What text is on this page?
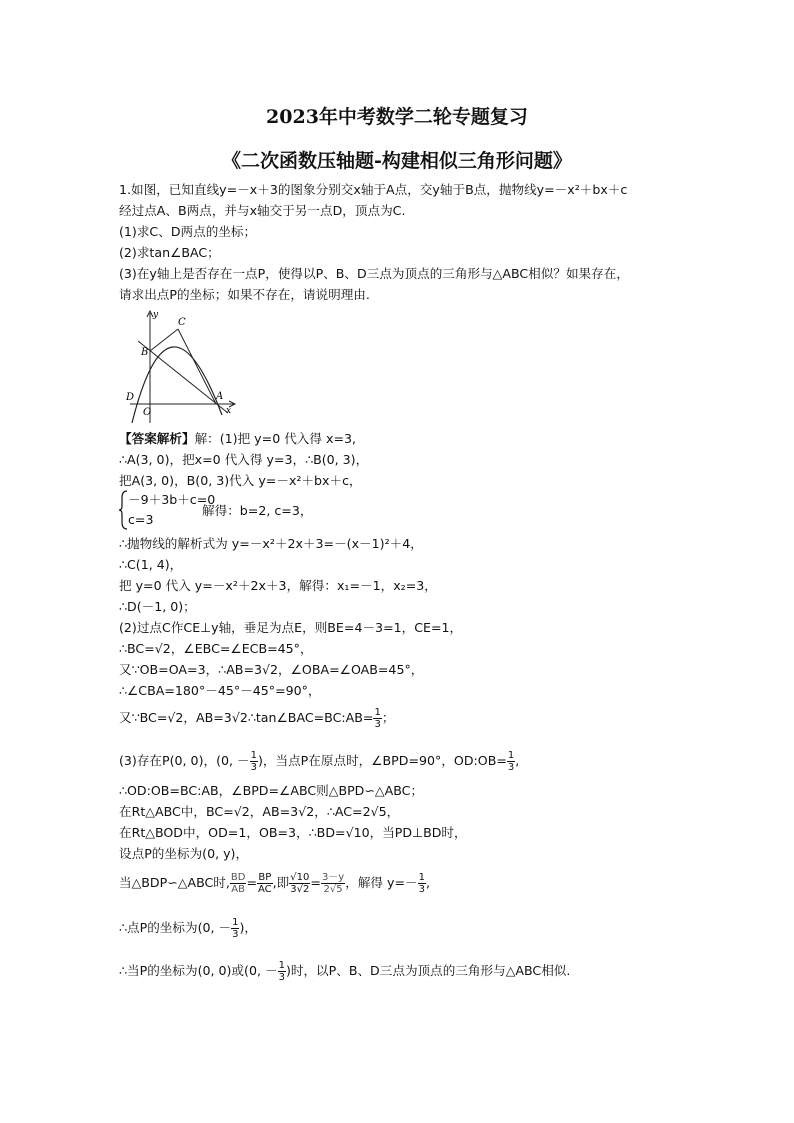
2023年中考数学二轮专题复习
《二次函数压轴题-构建相似三角形问题》
1.如图，已知直线y=－x＋3的图象分别交x轴于A点，交y轴于B点，抛物线y=－x²＋bx＋c
经过点A、B两点，并与x轴交于另一点D，顶点为C.
(1)求C、D两点的坐标；
(2)求tan∠BAC；
(3)在y轴上是否存在一点P，使得以P、B、D三点为顶点的三角形与△ABC相似？如果存在，
请求出点P的坐标；如果不存在，请说明理由.
y
C
B
D
O
A
x
【答案解析】解：(1)把 y=0 代入得 x=3,
∴A(3, 0)，把x=0 代入得 y=3，∴B(0, 3)，
把A(3, 0)，B(0, 3)代入 y=－x²＋bx＋c，
－9＋3b＋c=0
c=3
解得：b=2, c=3，
∴抛物线的解析式为 y=－x²＋2x＋3=－(x－1)²＋4，
∴C(1, 4)，
把 y=0 代入 y=－x²＋2x＋3，解得：x₁=－1，x₂=3，
∴D(－1, 0)；
(2)过点C作CE⊥y轴，垂足为点E，则BE=4－3=1，CE=1，
∴BC=√2，∠EBC=∠ECB=45°，
又∵OB=OA=3，∴AB=3√2，∠OBA=∠OAB=45°，
∴∠CBA=180°－45°－45°=90°，
又∵BC=√2，AB=3√2∴tan∠BAC=BC:AB= $\frac{1}{3}$ ；
(3)存在P(0, 0)，(0, － $\frac{1}{3}$ )，当点P在原点时，∠BPD=90°，OD:OB= $\frac{1}{3}$ ,
∴OD:OB=BC:AB，∠BPD=∠ABC则△BPD∽△ABC；
在Rt△ABC中，BC=√2，AB=3√2，∴AC=2√5，
在Rt△BOD中，OD=1，OB=3，∴BD=√10，当PD⊥BD时，
设点P的坐标为(0, y)，
当△BDP∽△ABC时, $\frac{BD}{AB} = \frac{BP}{AC}$ ,即 $\frac{√10}{3√2} = \frac{3-y}{2√5}$ ，解得 $y=- \frac{1}{3}$ ,
∴点P的坐标为(0, － $\frac{1}{3}$ )，
∴当P的坐标为(0, 0)或(0, － $\frac{1}{3}$ )时，以P、B、D三点为顶点的三角形与△ABC相似.
